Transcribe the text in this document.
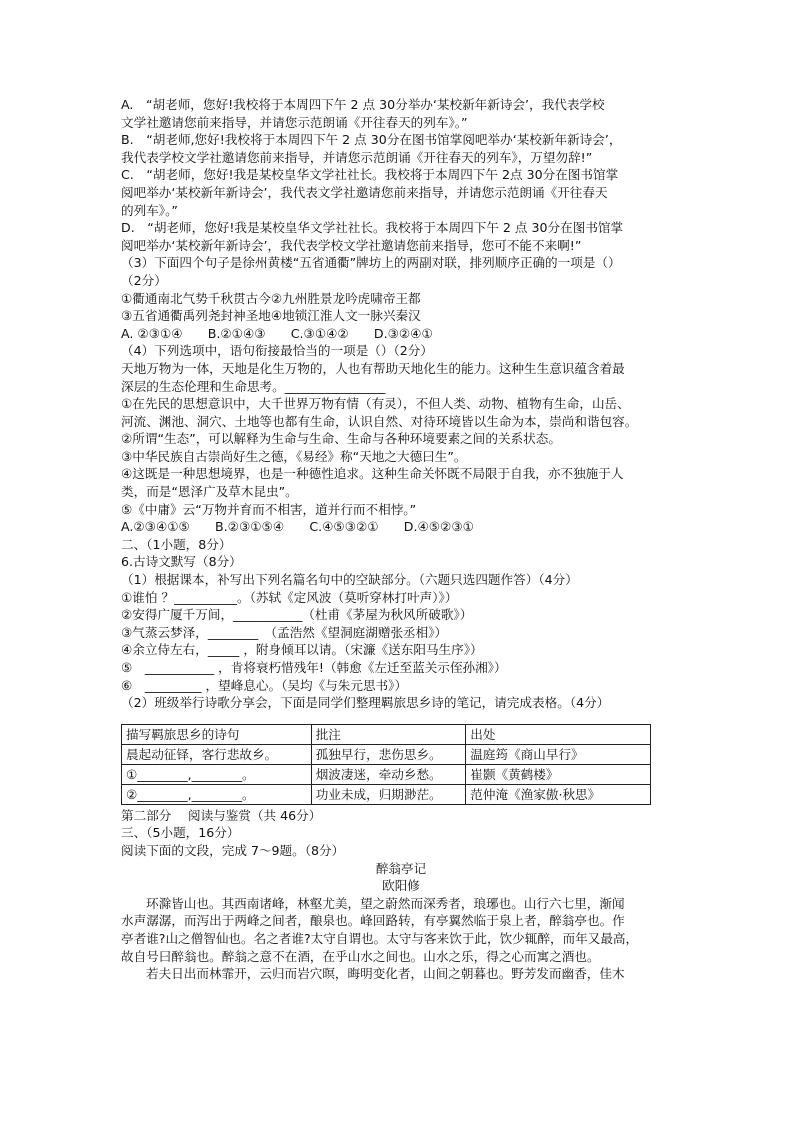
A.　“胡老师，您好!我校将于本周四下午 2 点 30分举办‘某校新年新诗会’，我代表学校
文学社邀请您前来指导，并请您示范朗诵《开往春天的列车》。”
B.　“胡老师,您好!我校将于本周四下午 2 点 30分在图书馆掌阅吧举办‘某校新年新诗会’，
我代表学校文学社邀请您前来指导，并请您示范朗诵《开往春天的列车》，万望勿辞!”
C.　“胡老师，您好!我是某校皇华文学社社长。我校将于本周四下午 2点 30分在图书馆掌
阅吧举办‘某校新年新诗会’，我代表文学社邀请您前来指导，并请您示范朗诵《开往春天
的列车》。”
D.　“胡老师，您好!我是某校皇华文学社社长。我校将于本周四下午 2 点 30分在图书馆掌
阅吧举办‘某校新年新诗会’，我代表学校文学社邀请您前来指导，您可不能不来啊!”
（3）下面四个句子是徐州黄楼“五省通衢”牌坊上的两副对联，排列顺序正确的一项是（）
（2分）
①衢通南北气势千秋贯古今②九州胜景龙吟虎啸帝王都
③五省通衢禹列尧封神圣地④地锁江淮人文一脉兴秦汉
A. ②③①④　　B.②①④③　　C.③①④②　　D.③②④①
（4）下列选项中，语句衔接最恰当的一项是（）（2分）
天地万物为一体，天地是化生万物的，人也有帮助天地化生的能力。这种生生意识蕴含着最
深层的生态伦理和生命思考。________________
①在先民的思想意识中，大千世界万物有情（有灵），不但人类、动物、植物有生命，山岳、
河流、渊池、洞穴、土地等也都有生命，认识自然、对待环境皆以生命为本，崇尚和谐包容。
②所谓“生态”，可以解释为生命与生命、生命与各种环境要素之间的关系状态。
③中华民族自古崇尚好生之德，《易经》称“天地之大德曰生”。
④这既是一种思想境界，也是一种德性追求。这种生命关怀既不局限于自我，亦不独施于人
类，而是“恩泽广及草木昆虫”。
⑤《中庸》云“万物并育而不相害，道并行而不相悖。”
A.②③④①⑤　　B.②③①⑤④　　C.④⑤③②①　　D.④⑤②③①
二、（1小题，8分）
6.古诗文默写（8分）
（1）根据课本，补写出下列名篇名句中的空缺部分。（六题只选四题作答）（4分）
①谁怕 ？__________。（苏轼《定风波（莫听穿林打叶声）》）
②安得广厦千万间，___________（杜甫《茅屋为秋风所破歌》）
③气蒸云梦泽，________　（孟浩然《望洞庭湖赠张丞相》）
④余立侍左右，_____ ，附身倾耳以请。（宋濂《送东阳马生序》）
⑤　___________ ，肯将衰朽惜残年!（韩愈《左迁至蓝关示侄孙湘》）
⑥　_________ ，望峰息心。（吴均《与朱元思书》）
（2）班级举行诗歌分享会，下面是同学们整理羁旅思乡诗的笔记，请完成表格。（4分）
描写羁旅思乡的诗句	批注	出处
晨起动征铎，客行悲故乡。	孤独早行，悲伤思乡。	温庭筠《商山早行》
①________,________。	烟波凄迷，牵动乡愁。	崔颢《黄鹤楼》
②________,________。	功业未成，归期渺茫。	范仲淹《渔家傲·秋思》
第二部分　 阅读与鉴赏（共 46分）
三、（5小题，16分）
阅读下面的文段，完成 7～9题。（8分）
醉翁亭记
欧阳修
环滁皆山也。其西南诸峰，林壑尤美，望之蔚然而深秀者，琅琊也。山行六七里，渐闻
水声潺潺，而泻出于两峰之间者，酿泉也。峰回路转，有亭翼然临于泉上者，醉翁亭也。作
亭者谁?山之僧智仙也。名之者谁?太守自谓也。太守与客来饮于此，饮少辄醉，而年又最高，
故自号曰醉翁也。醉翁之意不在酒，在乎山水之间也。山水之乐，得之心而寓之酒也。
若夫日出而林霏开，云归而岩穴暝，晦明变化者，山间之朝暮也。野芳发而幽香，佳木
